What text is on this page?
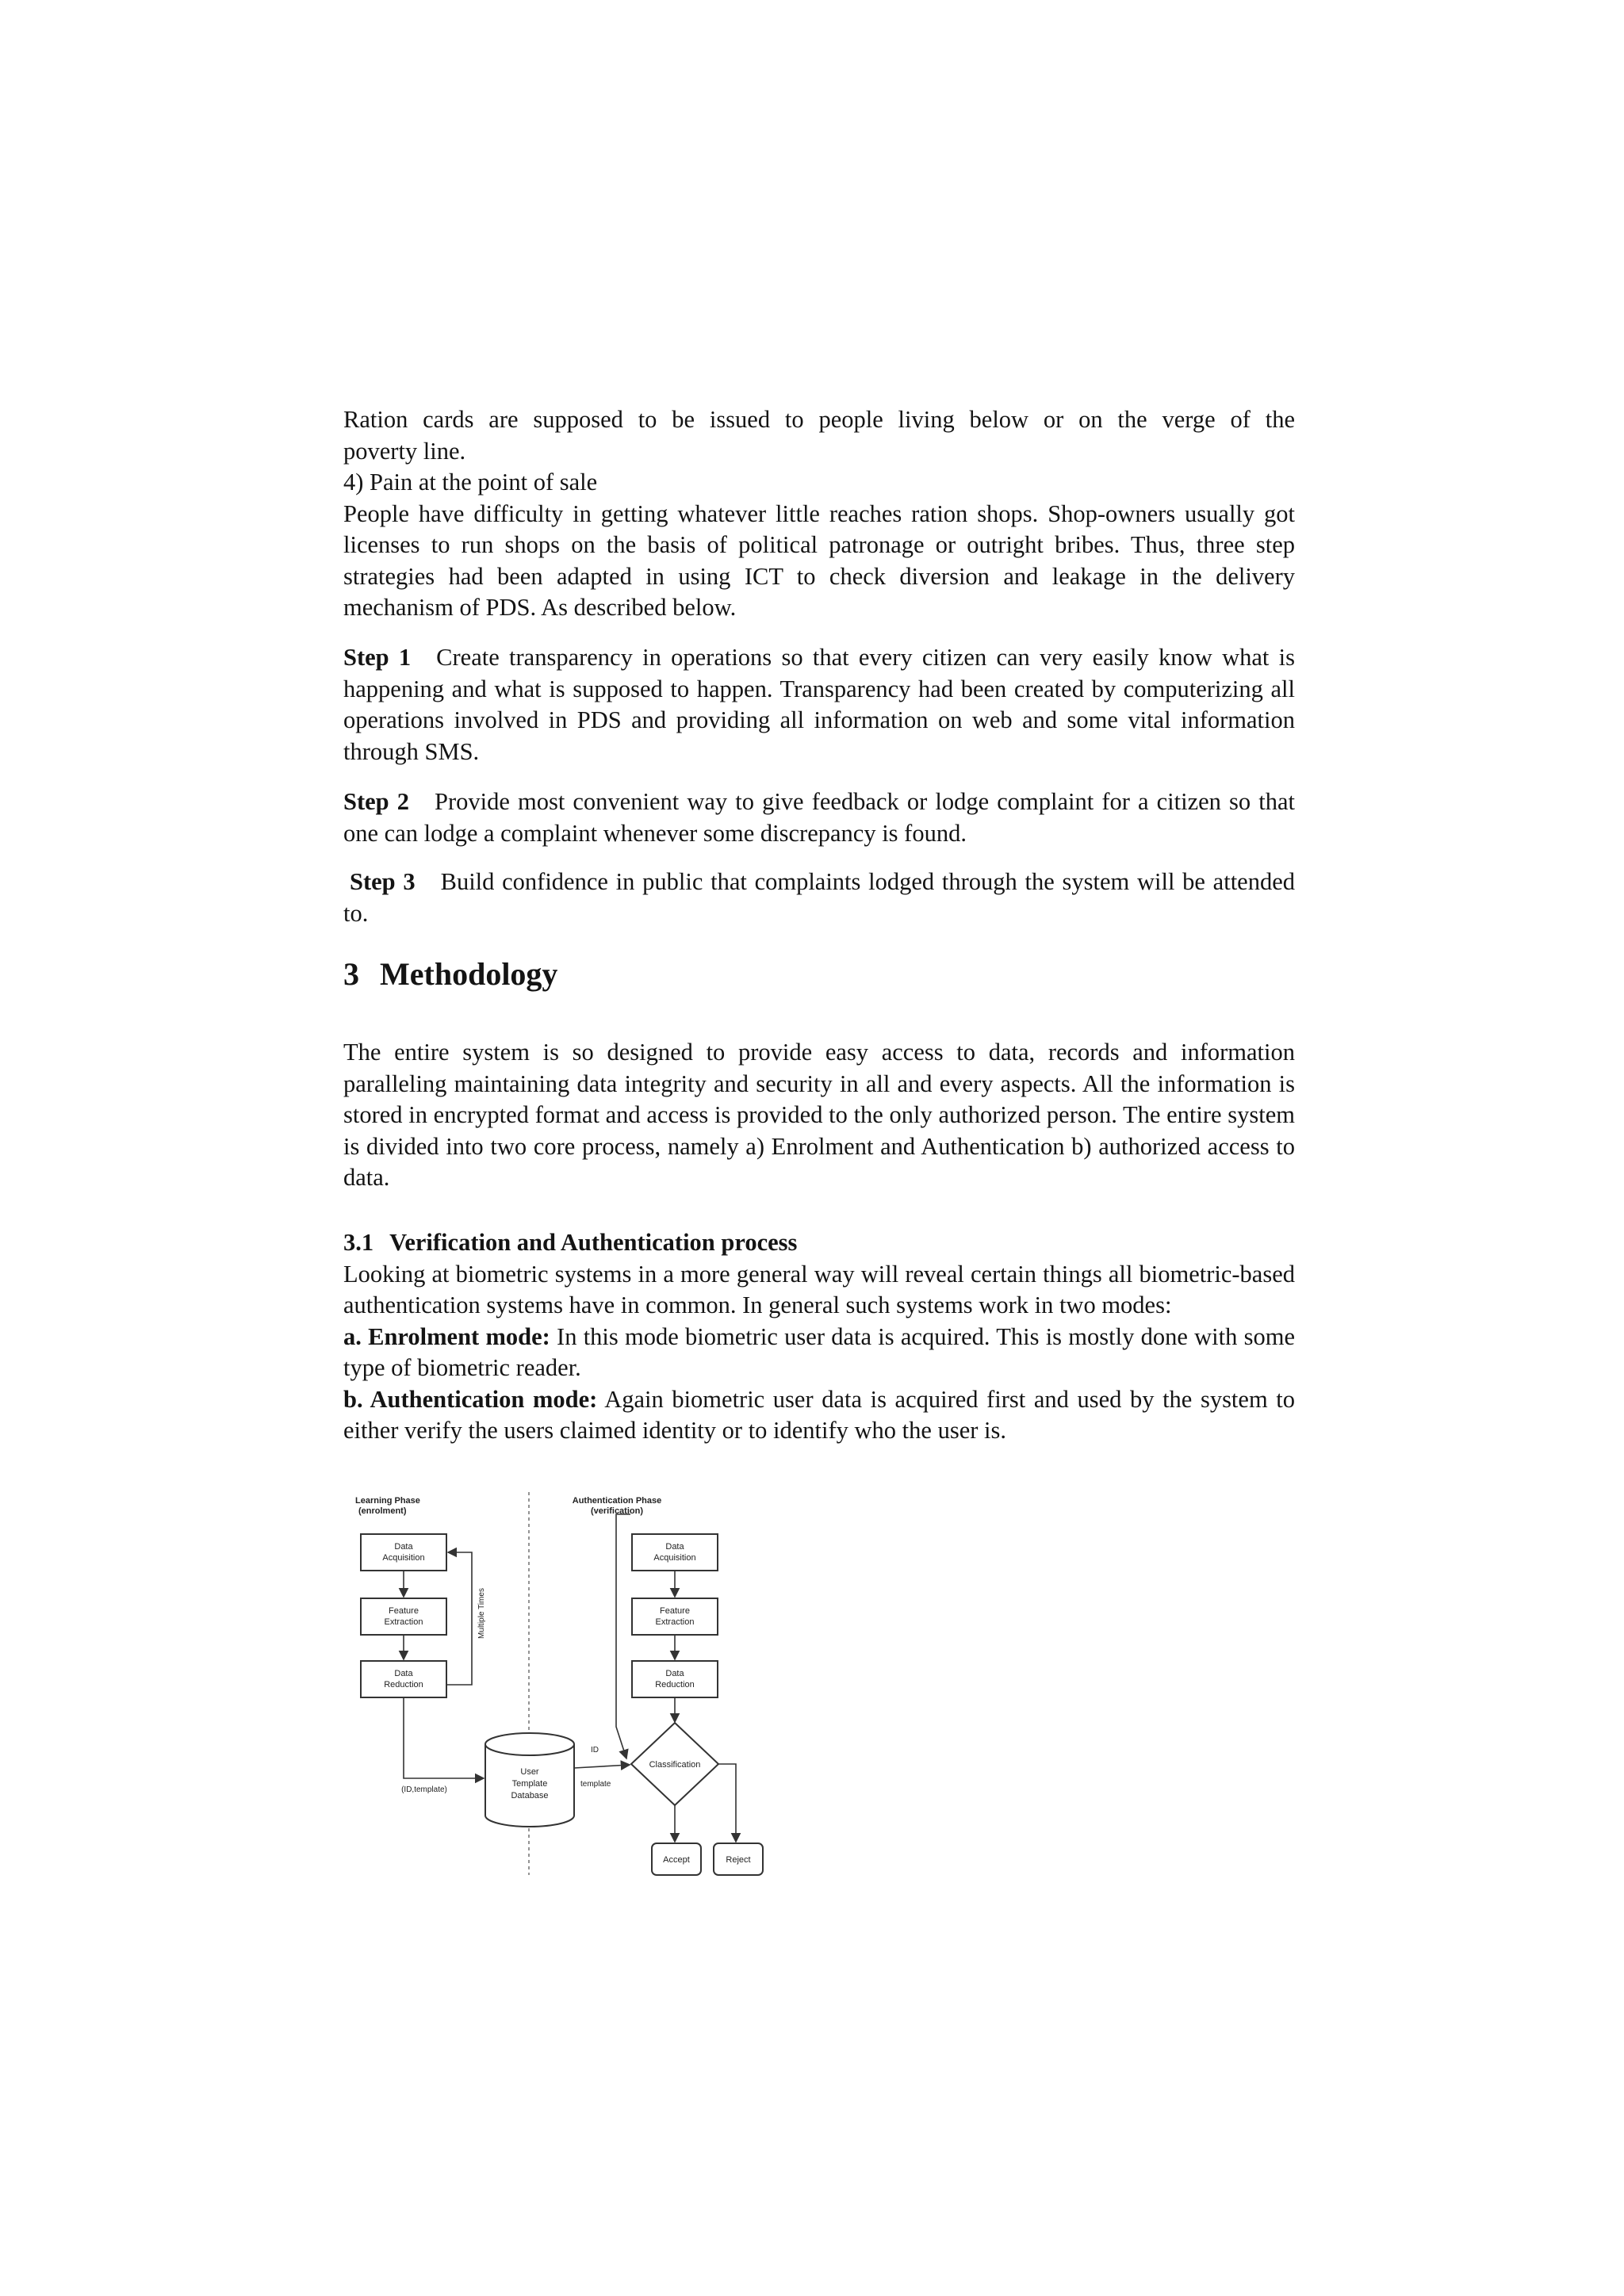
Ration cards are supposed to be issued to people living below or on the verge of the

poverty line.

4) Pain at the point of sale

People have difficulty in getting whatever little reaches ration shops. Shop-owners usually got licenses to run shops on the basis of political patronage or outright bribes. Thus, three step strategies had been adapted in using ICT to check diversion and leakage in the delivery mechanism of PDS. As described below.

Step 1 Create transparency in operations so that every citizen can very easily know what is happening and what is supposed to happen. Transparency had been created by computerizing all operations involved in PDS and providing all information on web and some vital information through SMS.

Step 2 Provide most convenient way to give feedback or lodge complaint for a citizen so that one can lodge a complaint whenever some discrepancy is found.

Step 3 Build confidence in public that complaints lodged through the system will be attended to.

3 Methodology

The entire system is so designed to provide easy access to data, records and information paralleling maintaining data integrity and security in all and every aspects. All the information is stored in encrypted format and access is provided to the only authorized person. The entire system is divided into two core process, namely a) Enrolment and Authentication b) authorized access to data.

3.1 Verification and Authentication process

Looking at biometric systems in a more general way will reveal certain things all biometric-based authentication systems have in common. In general such systems work in two modes:

a. Enrolment mode: In this mode biometric user data is acquired. This is mostly done with some type of biometric reader.

b. Authentication mode: Again biometric user data is acquired first and used by the system to either verify the users claimed identity or to identify who the user is.

Learning Phase
(enrolment)
Authentication Phase
(verification)
Data
Acquisition
Feature
Extraction
Data
Reduction
Multiple Times
(ID,template)
User
Template
Database
Data
Acquisition
Feature
Extraction
Data
Reduction
ID
Classification
template
Accept	Reject
